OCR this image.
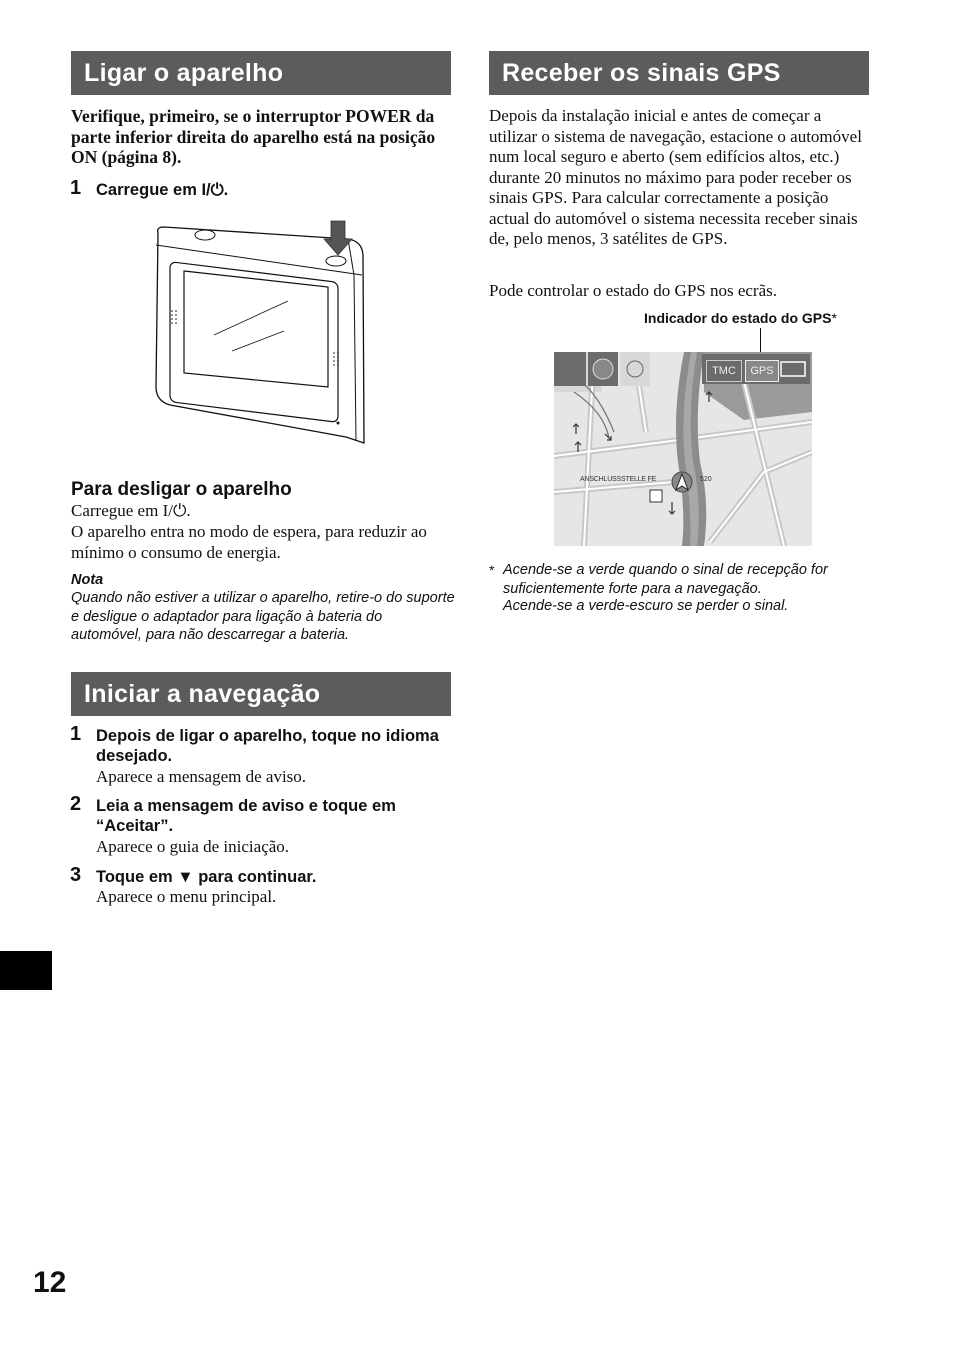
Ligar o aparelho
Verifique, primeiro, se o interruptor POWER da parte inferior direita do aparelho está na posição ON (página 8).
1 Carregue em I/⏻.
Para desligar o aparelho
Carregue em I/⏻.
O aparelho entra no modo de espera, para reduzir ao mínimo o consumo de energia.
Nota
Quando não estiver a utilizar o aparelho, retire-o do suporte e desligue o adaptador para ligação à bateria do automóvel, para não descarregar a bateria.
Iniciar a navegação
1 Depois de ligar o aparelho, toque no idioma desejado.
Aparece a mensagem de aviso.
2 Leia a mensagem de aviso e toque em “Aceitar”.
Aparece o guia de iniciação.
3 Toque em ▼ para continuar.
Aparece o menu principal.
Receber os sinais GPS
Depois da instalação inicial e antes de começar a utilizar o sistema de navegação, estacione o automóvel num local seguro e aberto (sem edifícios altos, etc.) durante 20 minutos no máximo para poder receber os sinais GPS. Para calcular correctamente a posição actual do automóvel o sistema necessita receber sinais de, pelo menos, 3 satélites de GPS.
Pode controlar o estado do GPS nos ecrãs.
Indicador do estado do GPS*
TMC	GPS
ANSCHLUSSSTELLE FE	520
* Acende-se a verde quando o sinal de recepção for suficientemente forte para a navegação.
Acende-se a verde-escuro se perder o sinal.
12
